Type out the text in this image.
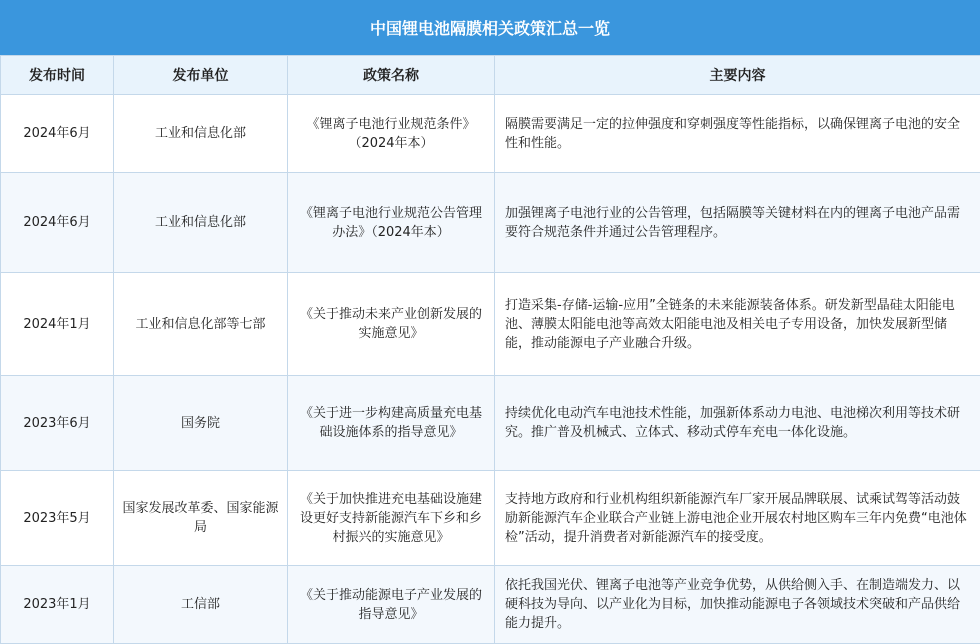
中国锂电池隔膜相关政策汇总一览
发布时间	发布单位	政策名称	主要内容
2024年6月	工业和信息化部	《锂离子电池行业规范条件》（2024年本）	隔膜需要满足一定的拉伸强度和穿刺强度等性能指标，以确保锂离子电池的安全性和性能。
2024年6月	工业和信息化部	《锂离子电池行业规范公告管理办法》（2024年本）	加强锂离子电池行业的公告管理，包括隔膜等关键材料在内的锂离子电池产品需要符合规范条件并通过公告管理程序。
2024年1月	工业和信息化部等七部	《关于推动未来产业创新发展的实施意见》	打造采集-存储-运输-应用”全链条的未来能源装备体系。研发新型晶硅太阳能电池、薄膜太阳能电池等高效太阳能电池及相关电子专用设备，加快发展新型储能，推动能源电子产业融合升级。
2023年6月	国务院	《关于进一步构建高质量充电基础设施体系的指导意见》	持续优化电动汽车电池技术性能，加强新体系动力电池、电池梯次利用等技术研究。推广普及机械式、立体式、移动式停车充电一体化设施。
2023年5月	国家发展改革委、国家能源局	《关于加快推进充电基础设施建设更好支持新能源汽车下乡和乡村振兴的实施意见》	支持地方政府和行业机构组织新能源汽车厂家开展品牌联展、试乘试驾等活动鼓励新能源汽车企业联合产业链上游电池企业开展农村地区购车三年内免费“电池体检”活动，提升消费者对新能源汽车的接受度。
2023年1月	工信部	《关于推动能源电子产业发展的指导意见》	依托我国光伏、锂离子电池等产业竞争优势，从供给侧入手、在制造端发力、以硬科技为导向、以产业化为目标，加快推动能源电子各领域技术突破和产品供给能力提升。
